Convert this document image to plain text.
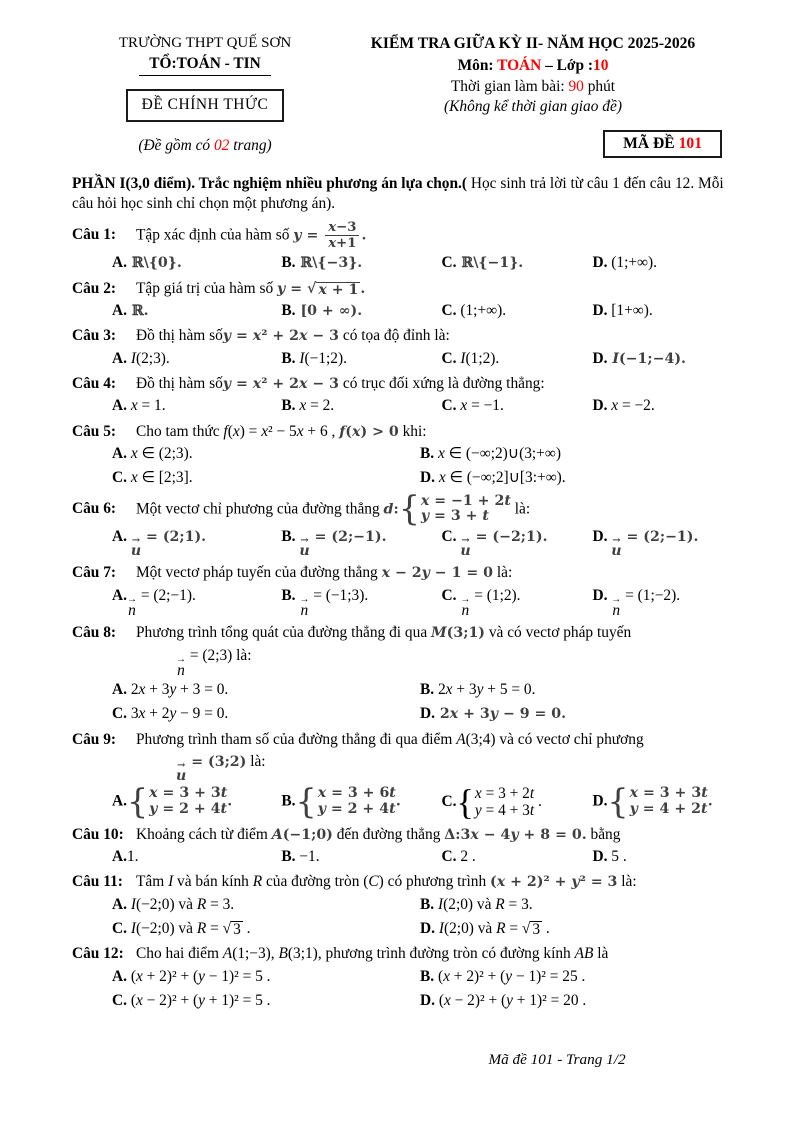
TRƯỜNG THPT QUẾ SƠN
TỔ:TOÁN - TIN
ĐỀ CHÍNH THỨC
(Đề gồm có 02 trang)
KIỂM TRA GIỮA KỲ II- NĂM HỌC 2025-2026
Môn: TOÁN – Lớp :10
Thời gian làm bài: 90 phút
(Không kể thời gian giao đề)
MÃ ĐỀ 101

PHẦN I(3,0 điểm). Trắc nghiệm nhiều phương án lựa chọn.( Học sinh trả lời từ câu 1 đến câu 12. Mỗi câu hỏi học sinh chỉ chọn một phương án).

Câu 1:	Tập xác định của hàm số $y = \frac{x-3}{x+1}$ .
A. ℝ\{0}.	B. ℝ\{−3}.	C. ℝ\{−1}.	D. (1;+∞).
Câu 2:	Tập giá trị của hàm số y = √ x + 1 .
A. ℝ.	B. [0 + ∞).	C. (1;+∞).	D. [1+∞).
Câu 3:	Đồ thị hàm sốy = x² + 2x − 3 có tọa độ đỉnh là:
A. I(2;3).	B. I(−1;2).	C. I(1;2).	D. I(−1;−4).
Câu 4:	Đồ thị hàm sốy = x² + 2x − 3 có trục đối xứng là đường thẳng:
A. x = 1.	B. x = 2.	C. x = −1.	D. x = −2.
Câu 5:	Cho tam thức f(x) = x² − 5x + 6 , f(x) > 0 khi:
A. x ∈ (2;3).	B. x ∈ (−∞;2)∪(3;+∞)
C. x ∈ [2;3].	D. x ∈ (−∞;2]∪[3:+∞).
Câu 6:	Một vectơ chỉ phương của đường thẳng d: { x = −1 + 2t
y = 3 + t	là:
A. →
u
= (2;1).	B. →
u
= (2;−1).	C. →
u
= (−2;1).	D. →
u
= (2;−1).
Câu 7:	Một vectơ pháp tuyến của đường thẳng x − 2y − 1 = 0 là:
A. →
n
= (2;−1).	B. →
n
= (−1;3).	C. →
n
= (1;2).	D. →
n
= (1;−2).
Câu 8:	Phương trình tổng quát của đường thẳng đi qua M(3;1) và có vectơ pháp tuyến
→
n
= (2;3) là:
A. 2x + 3y + 3 = 0.	B. 2x + 3y + 5 = 0.
C. 3x + 2y − 9 = 0.	D. 2x + 3y − 9 = 0.
Câu 9:	Phương trình tham số của đường thẳng đi qua điểm A(3;4) và có vectơ chỉ phương
→
u
= (3;2) là:
A. { x = 3 + 3t
y = 2 + 4t .	B. { x = 3 + 6t
y = 2 + 4t .	C. { x = 3 + 2t
y = 4 + 3t
.	D. { x = 3 + 3t
y = 4 + 2t .
Câu 10: Khoảng cách từ điểm A(−1;0) đến đường thẳng Δ:3x − 4y + 8 = 0. bằng
A.1.	B. −1.	C. 2 .	D. 5 .
Câu 11: Tâm I và bán kính R của đường tròn (C) có phương trình (x + 2)² + y² = 3 là:
A. I(−2;0) và R = 3.	B. I(2;0) và R = 3.
C. I(−2;0) và R = √ 3 .	D. I(2;0) và R = √ 3 .
Câu 12: Cho hai điểm A(1;−3), B(3;1), phương trình đường tròn có đường kính AB là
A. (x + 2)² + (y − 1)² = 5 .	B. (x + 2)² + (y − 1)² = 25 .
C. (x − 2)² + (y + 1)² = 5 .	D. (x − 2)² + (y + 1)² = 20 .
Mã đề 101 - Trang 1/2
